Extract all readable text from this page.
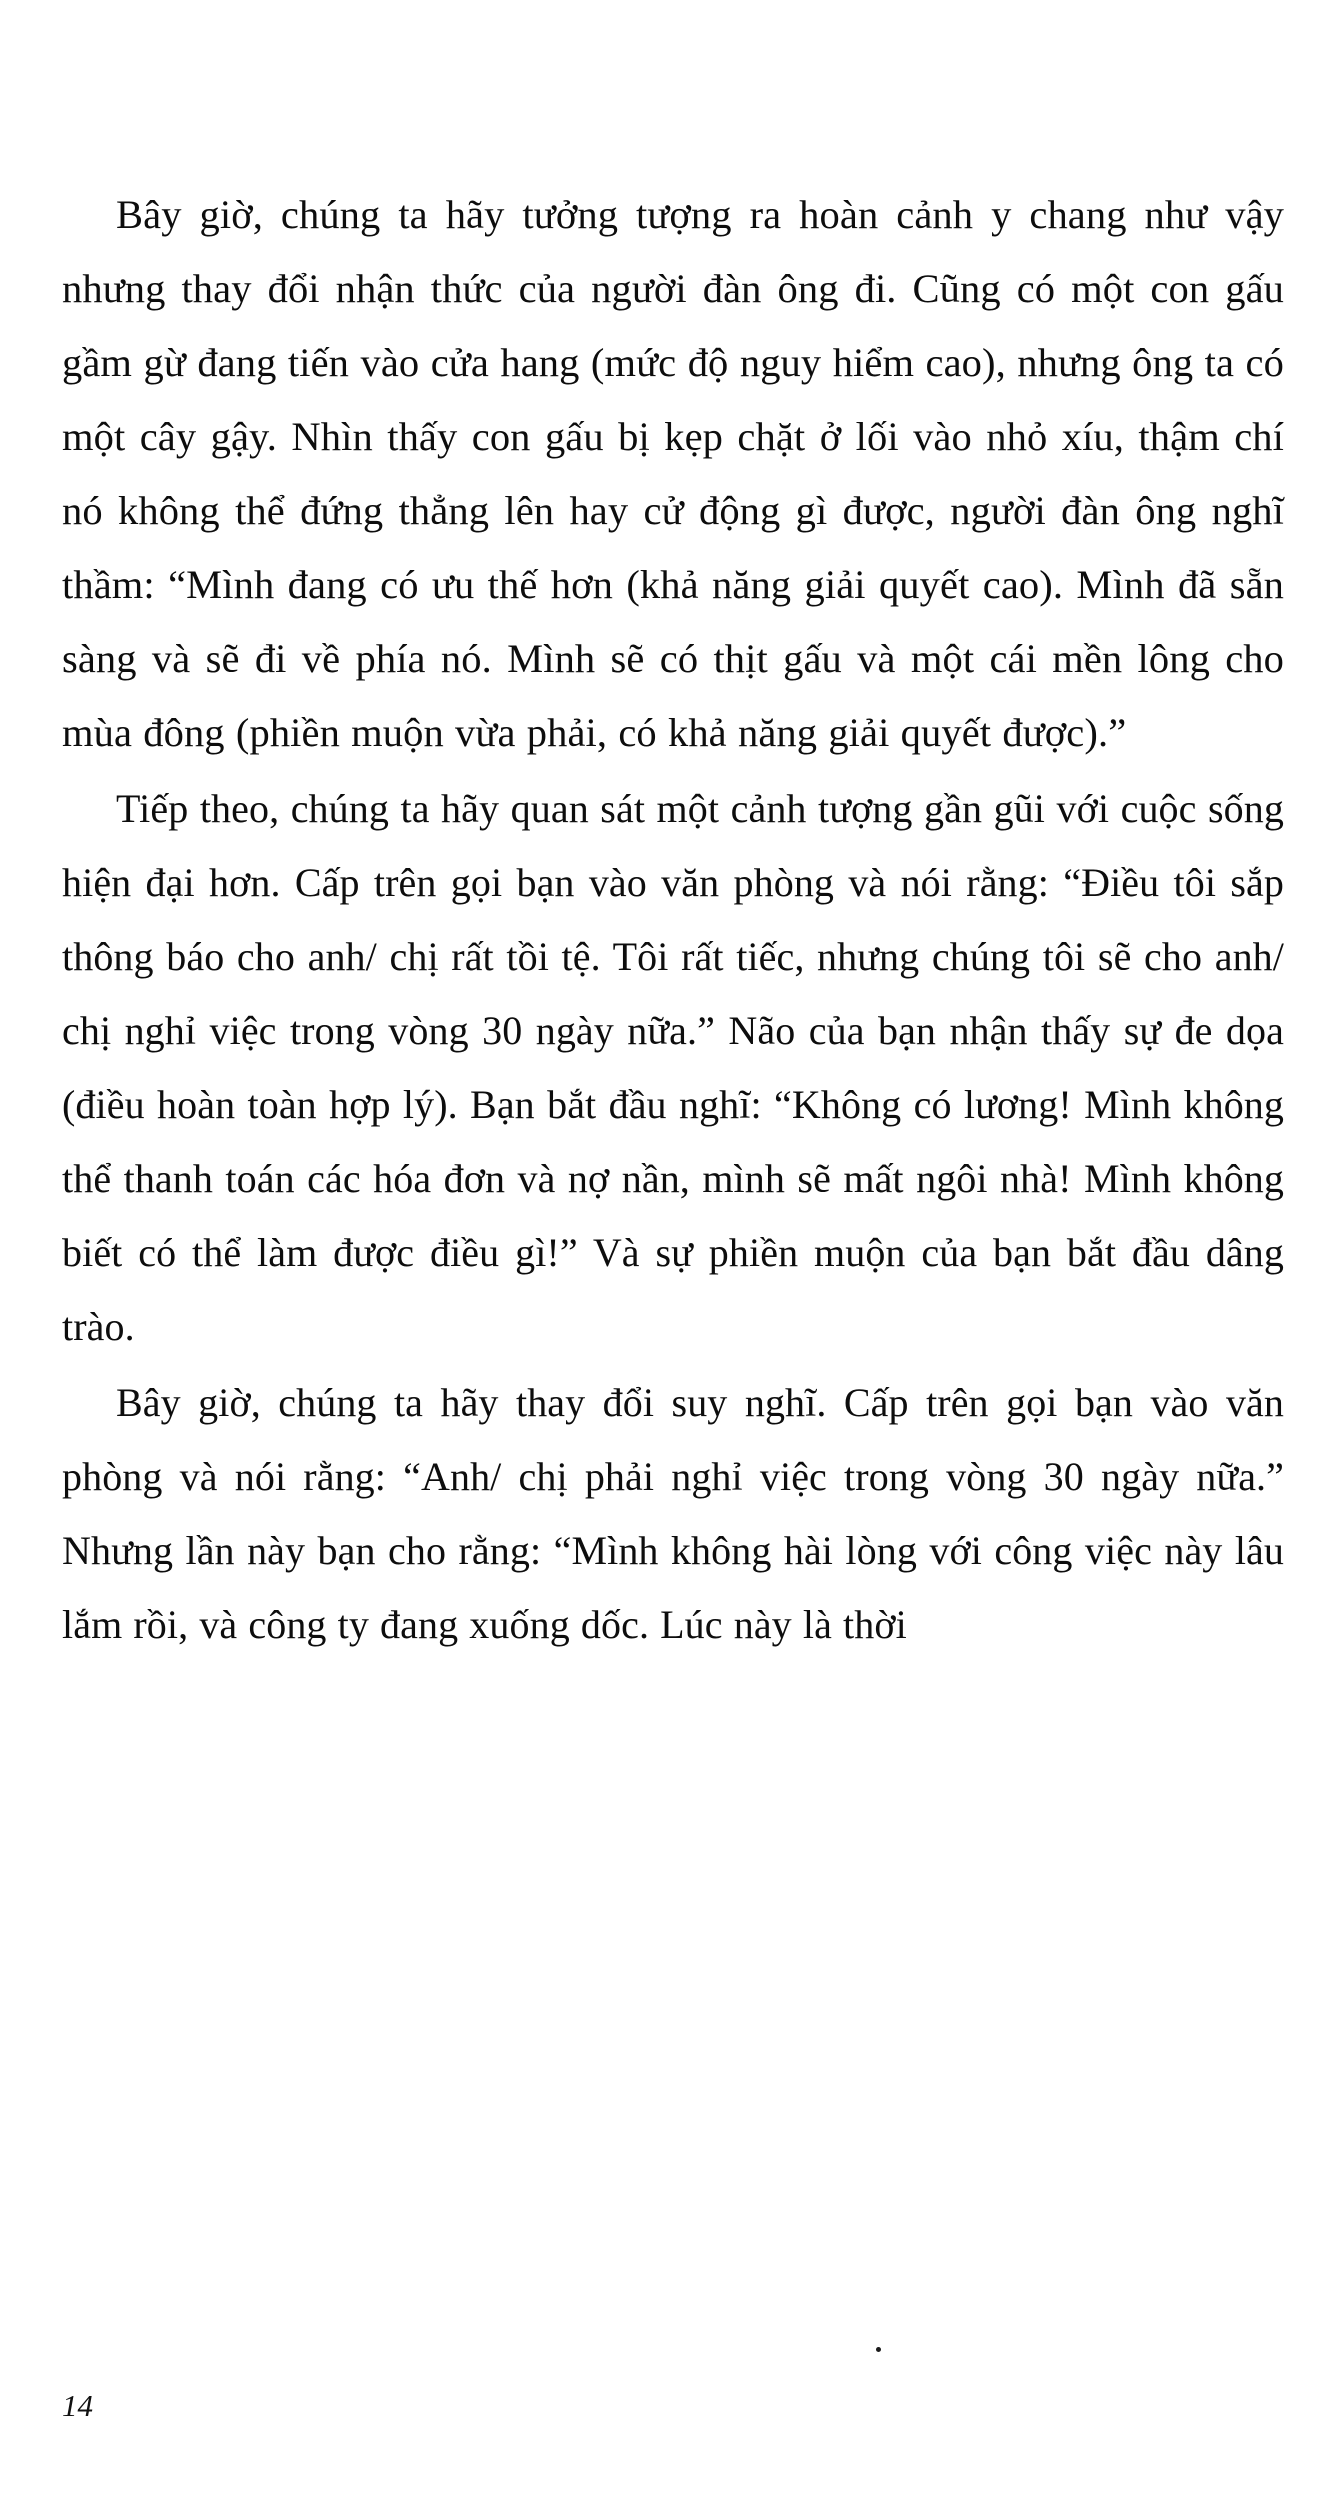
Bây giờ, chúng ta hãy tưởng tượng ra hoàn cảnh y chang như vậy nhưng thay đổi nhận thức của người đàn ông đi. Cũng có một con gấu gầm gừ đang tiến vào cửa hang (mức độ nguy hiểm cao), nhưng ông ta có một cây gậy. Nhìn thấy con gấu bị kẹp chặt ở lối vào nhỏ xíu, thậm chí nó không thể đứng thẳng lên hay cử động gì được, người đàn ông nghĩ thầm: “Mình đang có ưu thế hơn (khả năng giải quyết cao). Mình đã sẵn sàng và sẽ đi về phía nó. Mình sẽ có thịt gấu và một cái mền lông cho mùa đông (phiền muộn vừa phải, có khả năng giải quyết được).”

Tiếp theo, chúng ta hãy quan sát một cảnh tượng gần gũi với cuộc sống hiện đại hơn. Cấp trên gọi bạn vào văn phòng và nói rằng: “Điều tôi sắp thông báo cho anh/ chị rất tồi tệ. Tôi rất tiếc, nhưng chúng tôi sẽ cho anh/ chị nghỉ việc trong vòng 30 ngày nữa.” Não của bạn nhận thấy sự đe dọa (điều hoàn toàn hợp lý). Bạn bắt đầu nghĩ: “Không có lương! Mình không thể thanh toán các hóa đơn và nợ nần, mình sẽ mất ngôi nhà! Mình không biết có thể làm được điều gì!” Và sự phiền muộn của bạn bắt đầu dâng trào.

Bây giờ, chúng ta hãy thay đổi suy nghĩ. Cấp trên gọi bạn vào văn phòng và nói rằng: “Anh/ chị phải nghỉ việc trong vòng 30 ngày nữa.” Nhưng lần này bạn cho rằng: “Mình không hài lòng với công việc này lâu lắm rồi, và công ty đang xuống dốc. Lúc này là thời

14
